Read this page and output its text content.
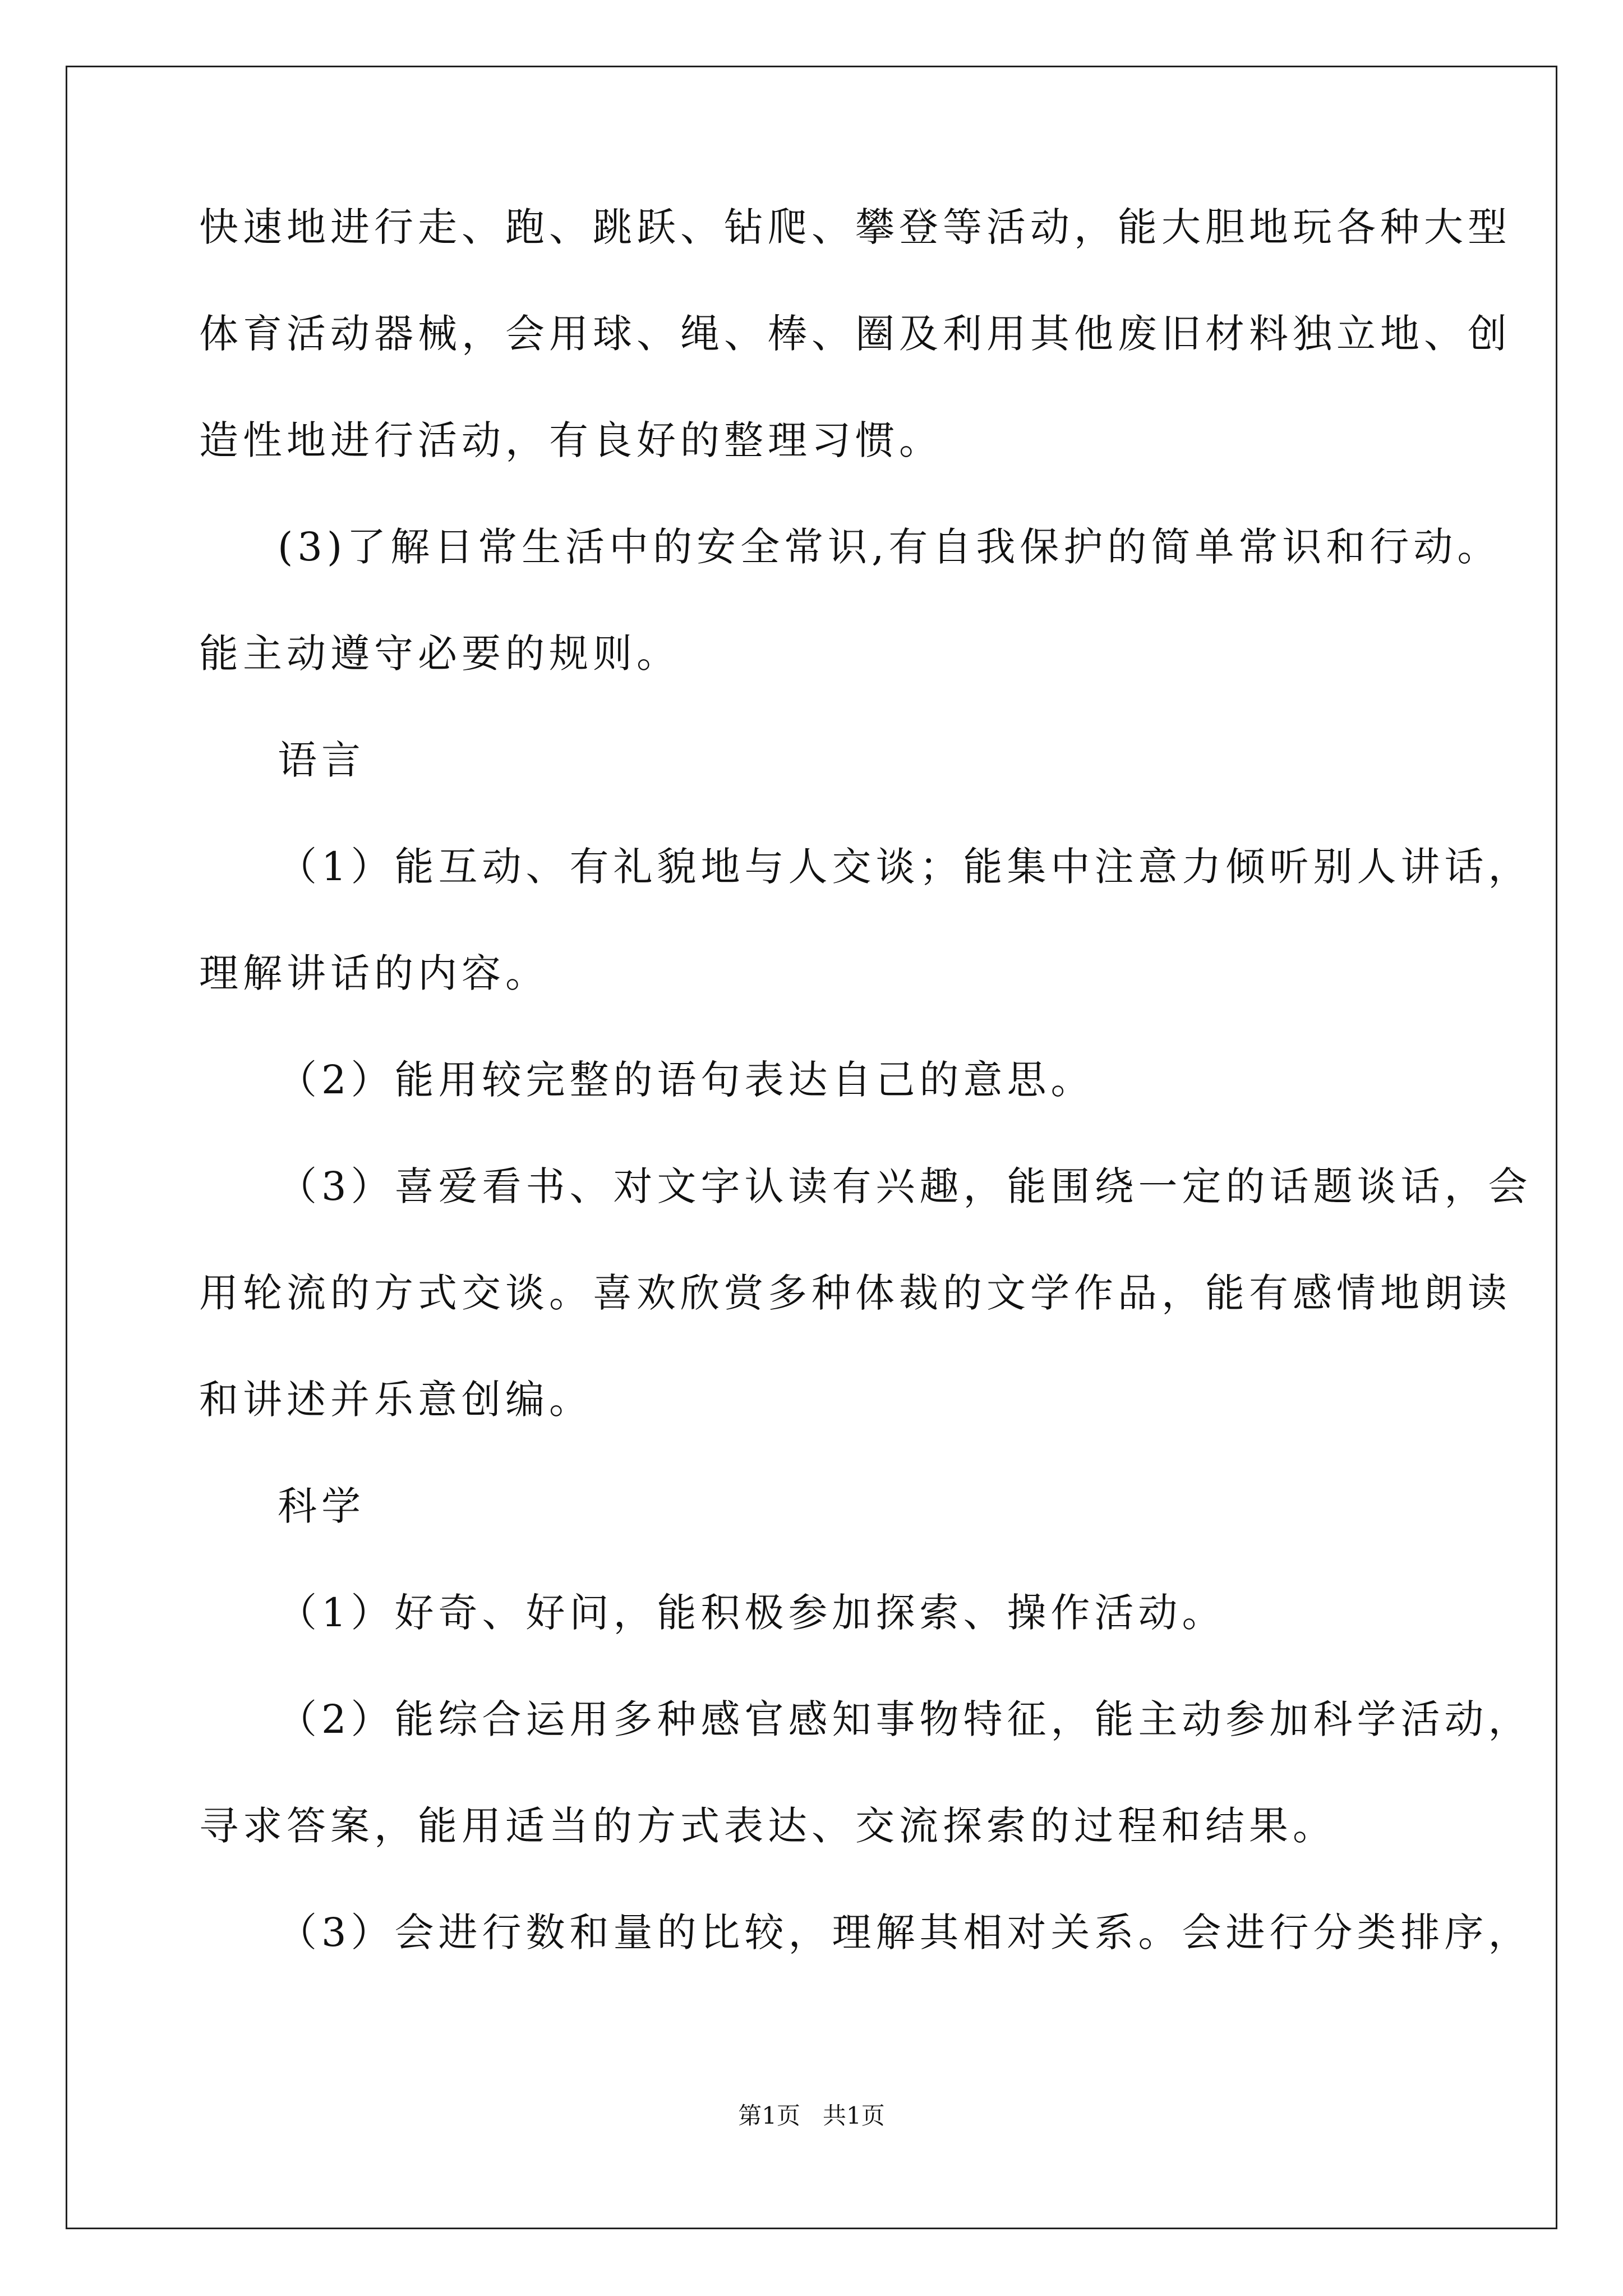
快速地进行走、跑、跳跃、钻爬、攀登等活动，能大胆地玩各种大型

体育活动器械，会用球、绳、棒、圈及利用其他废旧材料独立地、创

造性地进行活动，有良好的整理习惯。

(3)了解日常生活中的安全常识,有自我保护的简单常识和行动。

能主动遵守必要的规则。

语言

（1）能互动、有礼貌地与人交谈；能集中注意力倾听别人讲话，

理解讲话的内容。

（2）能用较完整的语句表达自己的意思。

（3）喜爱看书、对文字认读有兴趣，能围绕一定的话题谈话，会

用轮流的方式交谈。喜欢欣赏多种体裁的文学作品，能有感情地朗读

和讲述并乐意创编。

科学

（1）好奇、好问，能积极参加探索、操作活动。

（2）能综合运用多种感官感知事物特征，能主动参加科学活动，

寻求答案，能用适当的方式表达、交流探索的过程和结果。

（3）会进行数和量的比较，理解其相对关系。会进行分类排序，

第1页   共1页
